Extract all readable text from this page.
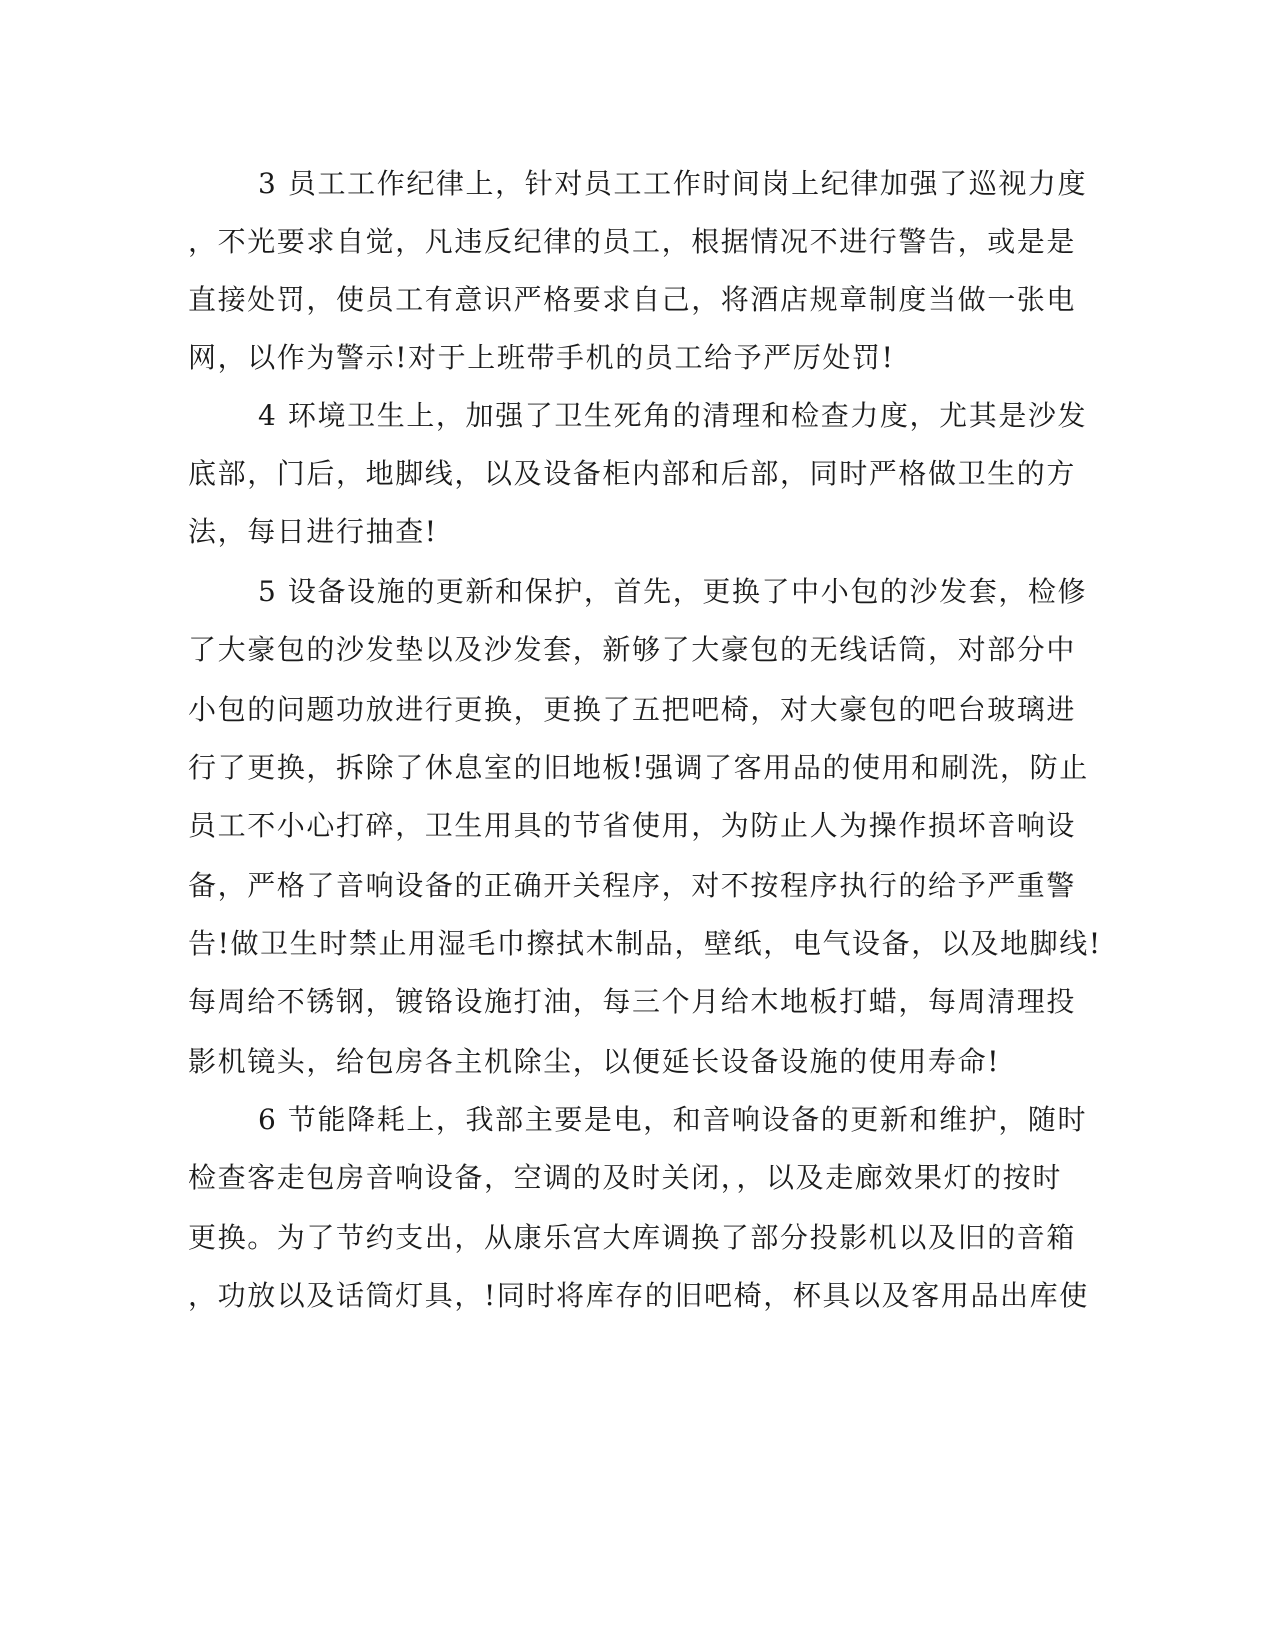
3 员工工作纪律上，针对员工工作时间岗上纪律加强了巡视力度
，不光要求自觉，凡违反纪律的员工，根据情况不进行警告，或是是
直接处罚，使员工有意识严格要求自己，将酒店规章制度当做一张电
网，以作为警示!对于上班带手机的员工给予严厉处罚!
4 环境卫生上，加强了卫生死角的清理和检查力度，尤其是沙发
底部，门后，地脚线，以及设备柜内部和后部，同时严格做卫生的方
法，每日进行抽查!
5 设备设施的更新和保护，首先，更换了中小包的沙发套，检修
了大豪包的沙发垫以及沙发套，新够了大豪包的无线话筒，对部分中
小包的问题功放进行更换，更换了五把吧椅，对大豪包的吧台玻璃进
行了更换，拆除了休息室的旧地板!强调了客用品的使用和刷洗，防止
员工不小心打碎，卫生用具的节省使用，为防止人为操作损坏音响设
备，严格了音响设备的正确开关程序，对不按程序执行的给予严重警
告!做卫生时禁止用湿毛巾擦拭木制品，壁纸，电气设备，以及地脚线!
每周给不锈钢，镀铬设施打油，每三个月给木地板打蜡，每周清理投
影机镜头，给包房各主机除尘，以便延长设备设施的使用寿命!
6 节能降耗上，我部主要是电，和音响设备的更新和维护，随时
检查客走包房音响设备，空调的及时关闭，，以及走廊效果灯的按时
更换。为了节约支出，从康乐宫大库调换了部分投影机以及旧的音箱
，功放以及话筒灯具，!同时将库存的旧吧椅，杯具以及客用品出库使
